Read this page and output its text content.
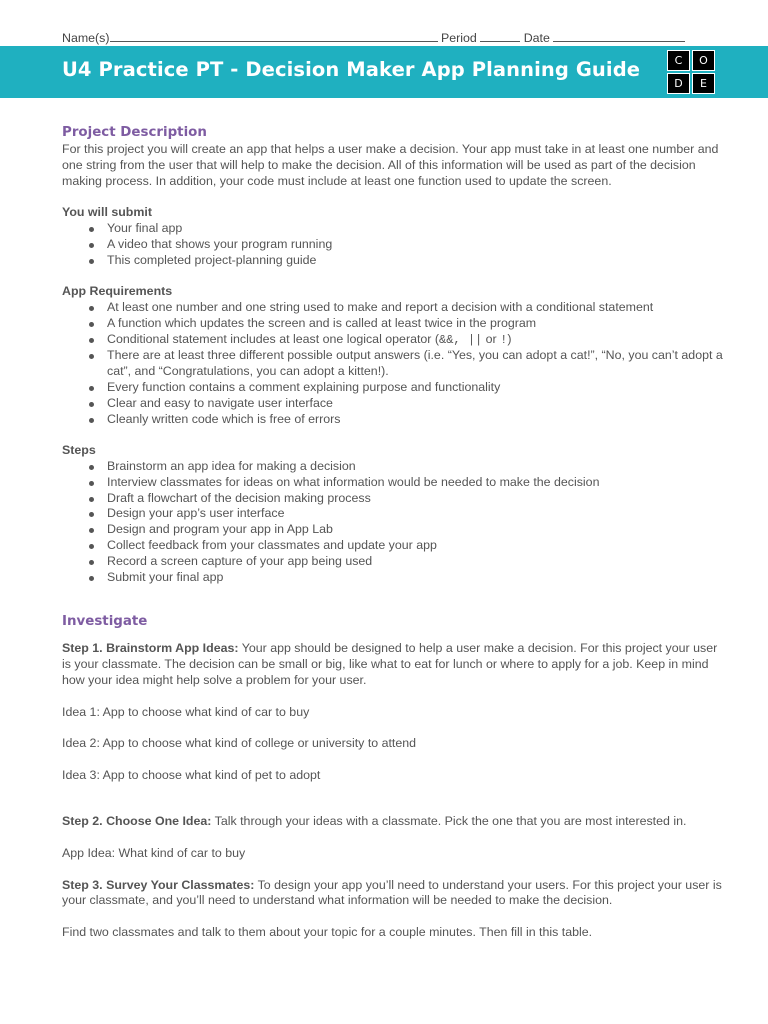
Name(s)	Period	Date
U4 Practice PT - Decision Maker App Planning Guide	C	O
D	E
Project Description

For this project you will create an app that helps a user make a decision. Your app must take in at least one number and one string from the user that will help to make the decision. All of this information will be used as part of the decision making process. In addition, your code must include at least one function used to update the screen.

You will submit

Your final app
A video that shows your program running
This completed project-planning guide

App Requirements

At least one number and one string used to make and report a decision with a conditional statement
A function which updates the screen and is called at least twice in the program
Conditional statement includes at least one logical operator (&&, || or !)
There are at least three different possible output answers (i.e. “Yes, you can adopt a cat!”, “No, you can’t adopt a cat”, and “Congratulations, you can adopt a kitten!).
Every function contains a comment explaining purpose and functionality
Clear and easy to navigate user interface
Cleanly written code which is free of errors

Steps

Brainstorm an app idea for making a decision
Interview classmates for ideas on what information would be needed to make the decision
Draft a flowchart of the decision making process
Design your app’s user interface
Design and program your app in App Lab
Collect feedback from your classmates and update your app
Record a screen capture of your app being used
Submit your final app
Investigate

Step 1. Brainstorm App Ideas: Your app should be designed to help a user make a decision. For this project your user is your classmate. The decision can be small or big, like what to eat for lunch or where to apply for a job. Keep in mind how your idea might help solve a problem for your user.

Idea 1: App to choose what kind of car to buy

Idea 2: App to choose what kind of college or university to attend

Idea 3: App to choose what kind of pet to adopt

Step 2. Choose One Idea: Talk through your ideas with a classmate. Pick the one that you are most interested in.

App Idea: What kind of car to buy

Step 3. Survey Your Classmates: To design your app you’ll need to understand your users. For this project your user is your classmate, and you’ll need to understand what information will be needed to make the decision.

Find two classmates and talk to them about your topic for a couple minutes. Then fill in this table.
